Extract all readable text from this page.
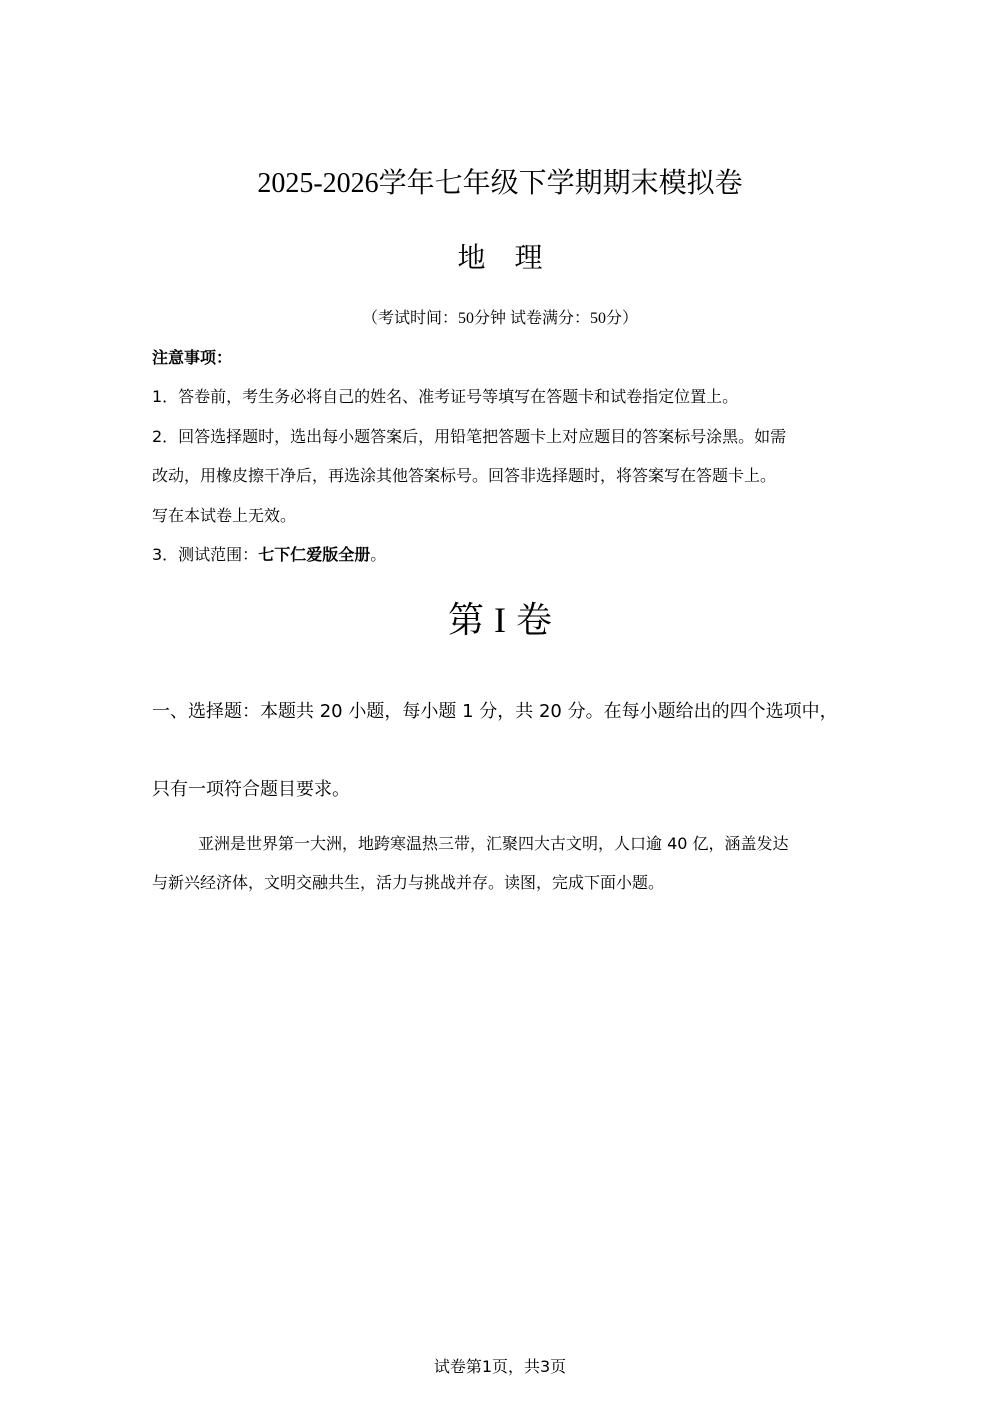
2025-2026学年七年级下学期期末模拟卷
地 理
（考试时间：50分钟 试卷满分：50分）
注意事项：
1．答卷前，考生务必将自己的姓名、准考证号等填写在答题卡和试卷指定位置上。
2．回答选择题时，选出每小题答案后，用铅笔把答题卡上对应题目的答案标号涂黑。如需
改动，用橡皮擦干净后，再选涂其他答案标号。回答非选择题时，将答案写在答题卡上。
写在本试卷上无效。
3．测试范围：七下仁爱版全册。
第 I 卷
一、选择题：本题共 20 小题，每小题 1 分，共 20 分。在每小题给出的四个选项中，
只有一项符合题目要求。
亚洲是世界第一大洲，地跨寒温热三带，汇聚四大古文明，人口逾 40 亿，涵盖发达
与新兴经济体，文明交融共生，活力与挑战并存。读图，完成下面小题。
试卷第1页，共3页
